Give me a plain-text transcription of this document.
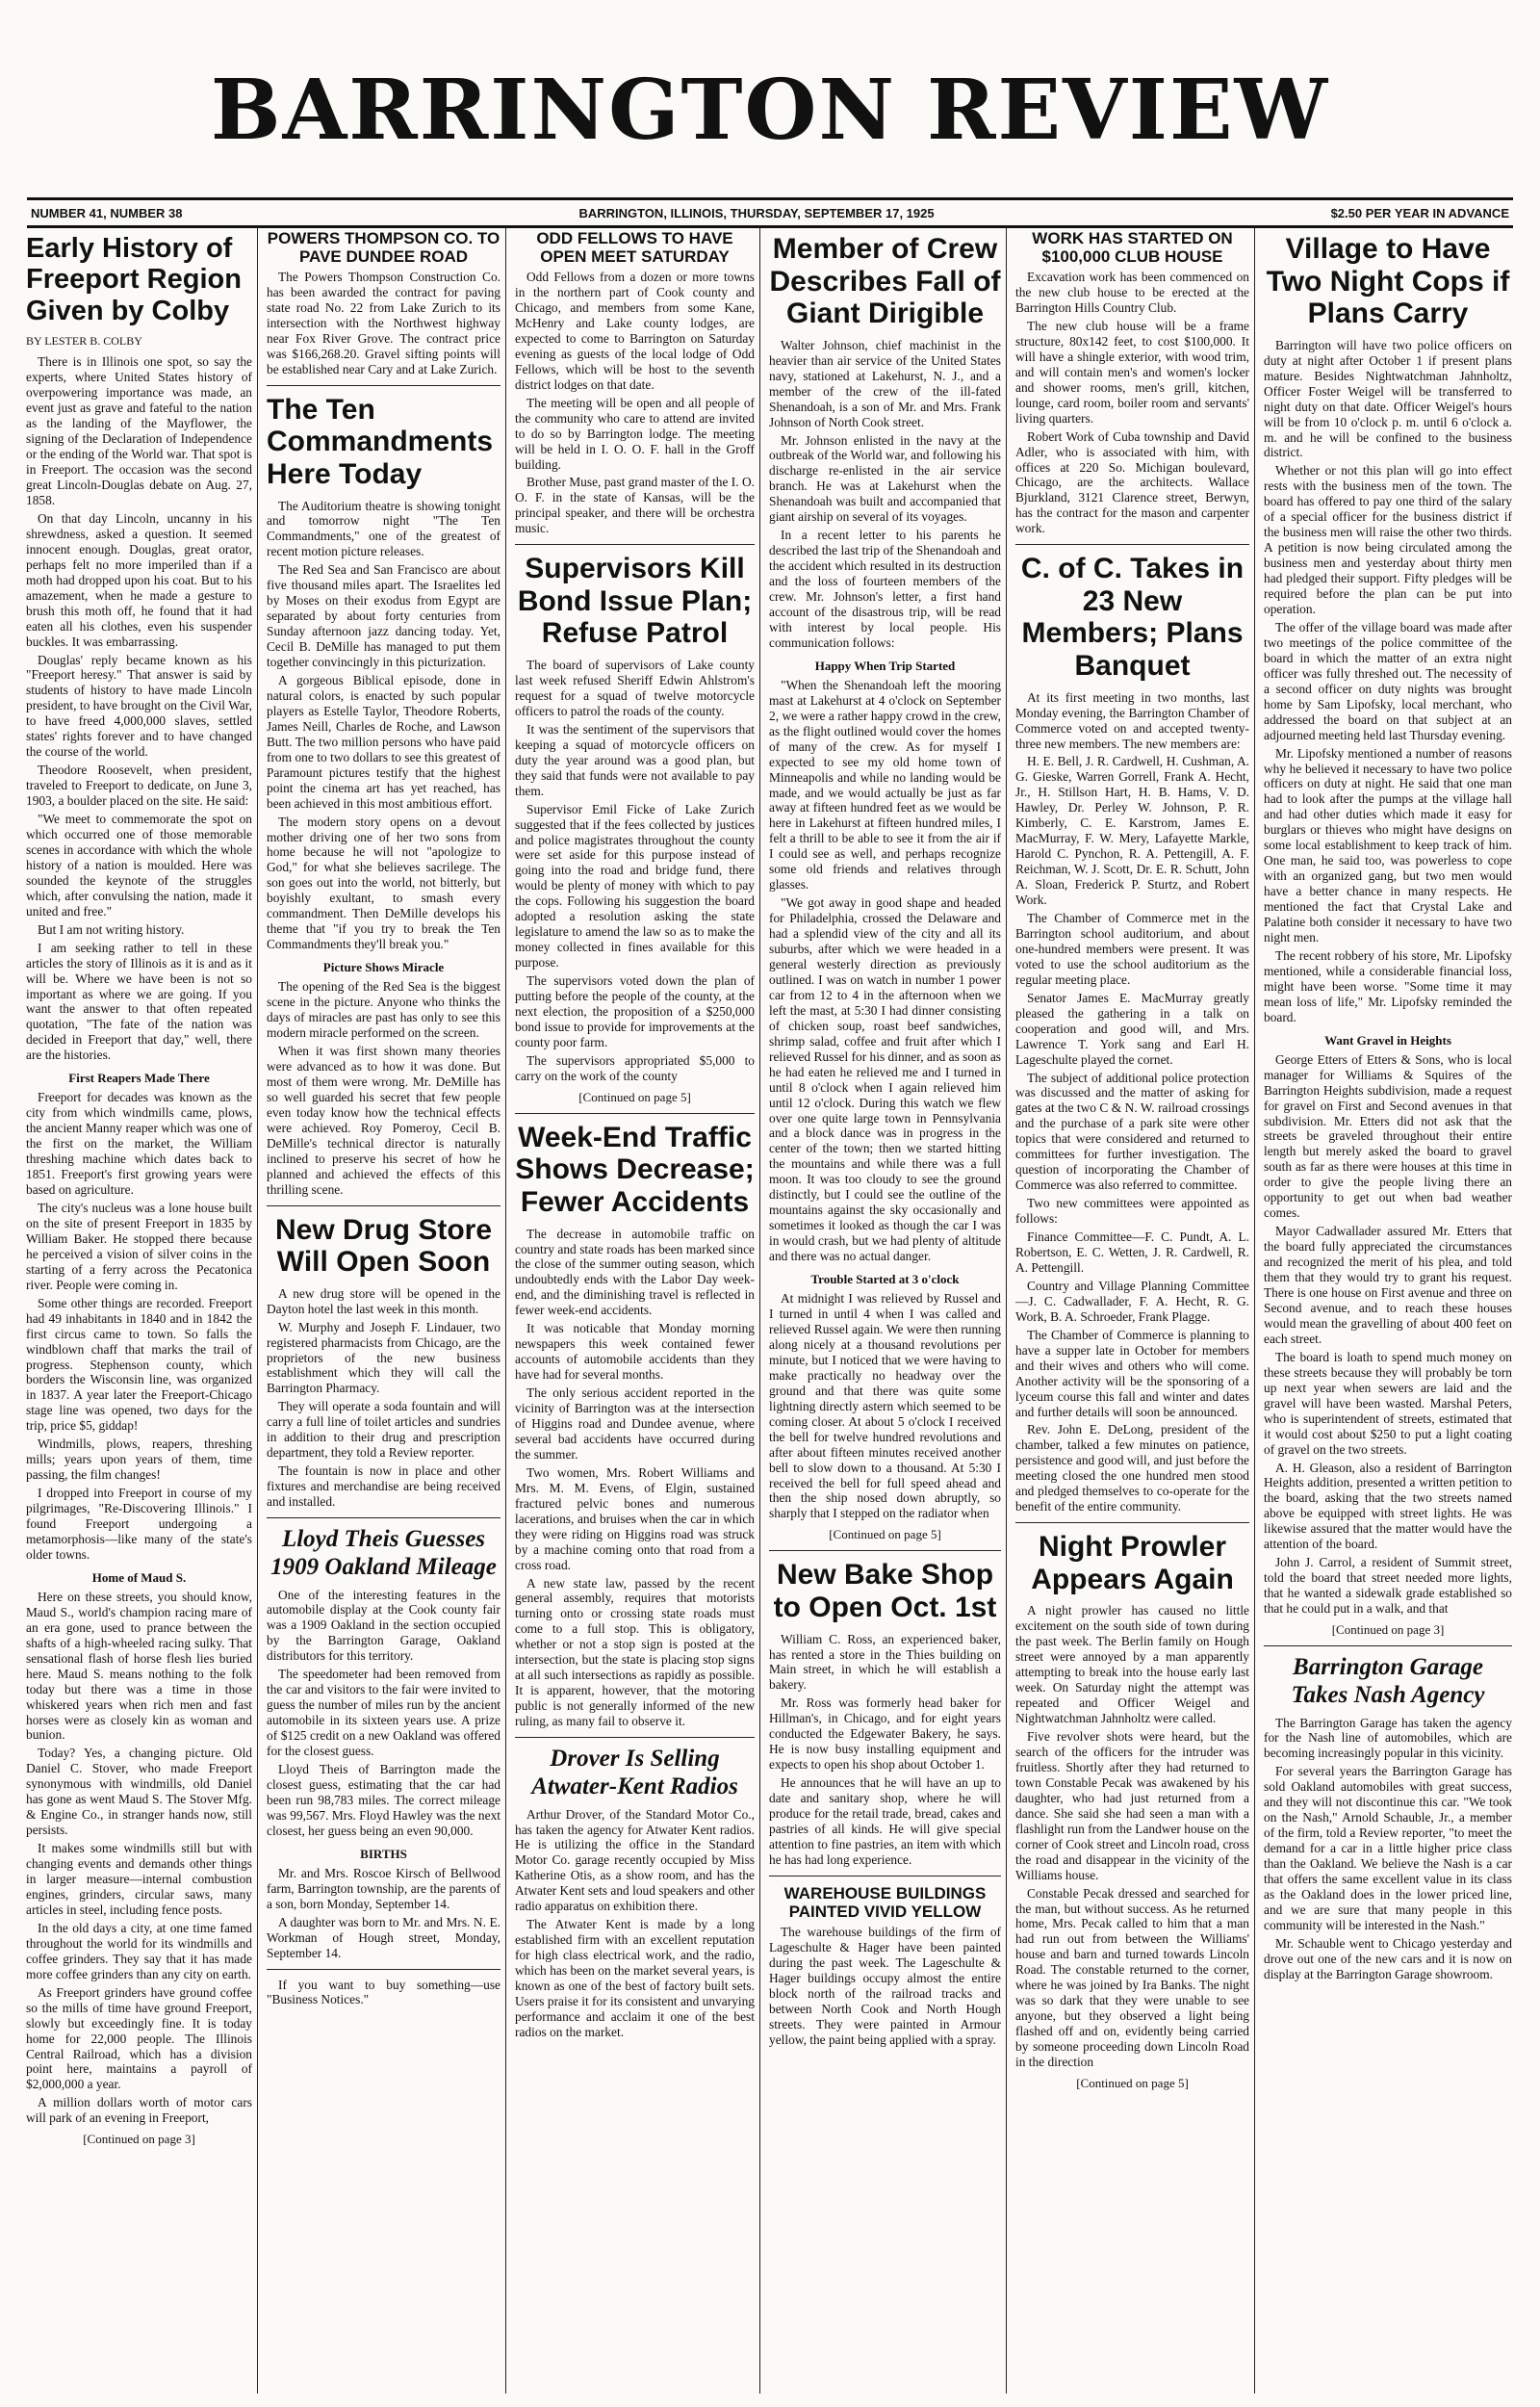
BARRINGTON REVIEW
NUMBER 41, NUMBER 38	BARRINGTON, ILLINOIS, THURSDAY, SEPTEMBER 17, 1925	$2.50 PER YEAR IN ADVANCE
Early History of Freeport Region Given by Colby
BY LESTER B. COLBY

There is in Illinois one spot, so say the experts, where United States history of overpowering importance was made, an event just as grave and fateful to the nation as the landing of the Mayflower, the signing of the Declaration of Independence or the ending of the World war. That spot is in Freeport. The occasion was the second great Lincoln-Douglas debate on Aug. 27, 1858.

On that day Lincoln, uncanny in his shrewdness, asked a question. It seemed innocent enough. Douglas, great orator, perhaps felt no more imperiled than if a moth had dropped upon his coat. But to his amazement, when he made a gesture to brush this moth off, he found that it had eaten all his clothes, even his suspender buckles. It was embarrassing.

Douglas' reply became known as his "Freeport heresy." That answer is said by students of history to have made Lincoln president, to have brought on the Civil War, to have freed 4,000,000 slaves, settled states' rights forever and to have changed the course of the world.

Theodore Roosevelt, when president, traveled to Freeport to dedicate, on June 3, 1903, a boulder placed on the site. He said:

"We meet to commemorate the spot on which occurred one of those memorable scenes in accordance with which the whole history of a nation is moulded. Here was sounded the keynote of the struggles which, after convulsing the nation, made it united and free."

But I am not writing history.

I am seeking rather to tell in these articles the story of Illinois as it is and as it will be. Where we have been is not so important as where we are going. If you want the answer to that often repeated quotation, "The fate of the nation was decided in Freeport that day," well, there are the histories.

First Reapers Made There

Freeport for decades was known as the city from which windmills came, plows, the ancient Manny reaper which was one of the first on the market, the William threshing machine which dates back to 1851. Freeport's first growing years were based on agriculture.

The city's nucleus was a lone house built on the site of present Freeport in 1835 by William Baker. He stopped there because he perceived a vision of silver coins in the starting of a ferry across the Pecatonica river. People were coming in.

Some other things are recorded. Freeport had 49 inhabitants in 1840 and in 1842 the first circus came to town. So falls the windblown chaff that marks the trail of progress. Stephenson county, which borders the Wisconsin line, was organized in 1837. A year later the Freeport-Chicago stage line was opened, two days for the trip, price $5, giddap!

Windmills, plows, reapers, threshing mills; years upon years of them, time passing, the film changes!

I dropped into Freeport in course of my pilgrimages, "Re-Discovering Illinois." I found Freeport undergoing a metamorphosis—like many of the state's older towns.

Home of Maud S.

Here on these streets, you should know, Maud S., world's champion racing mare of an era gone, used to prance between the shafts of a high-wheeled racing sulky. That sensational flash of horse flesh lies buried here. Maud S. means nothing to the folk today but there was a time in those whiskered years when rich men and fast horses were as closely kin as woman and bunion.

Today? Yes, a changing picture. Old Daniel C. Stover, who made Freeport synonymous with windmills, old Daniel has gone as went Maud S. The Stover Mfg. & Engine Co., in stranger hands now, still persists.

It makes some windmills still but with changing events and demands other things in larger measure—internal combustion engines, grinders, circular saws, many articles in steel, including fence posts.

In the old days a city, at one time famed throughout the world for its windmills and coffee grinders. They say that it has made more coffee grinders than any city on earth.

As Freeport grinders have ground coffee so the mills of time have ground Freeport, slowly but exceedingly fine. It is today home for 22,000 people. The Illinois Central Railroad, which has a division point here, maintains a payroll of $2,000,000 a year.

A million dollars worth of motor cars will park of an evening in Freeport,

[Continued on page 3]
POWERS THOMPSON CO. TO PAVE DUNDEE ROAD

The Powers Thompson Construction Co. has been awarded the contract for paving state road No. 22 from Lake Zurich to its intersection with the Northwest highway near Fox River Grove. The contract price was $166,268.20. Gravel sifting points will be established near Cary and at Lake Zurich.

The Ten Commandments Here Today

The Auditorium theatre is showing tonight and tomorrow night "The Ten Commandments," one of the greatest of recent motion picture releases.

The Red Sea and San Francisco are about five thousand miles apart. The Israelites led by Moses on their exodus from Egypt are separated by about forty centuries from Sunday afternoon jazz dancing today. Yet, Cecil B. DeMille has managed to put them together convincingly in this picturization.

A gorgeous Biblical episode, done in natural colors, is enacted by such popular players as Estelle Taylor, Theodore Roberts, James Neill, Charles de Roche, and Lawson Butt. The two million persons who have paid from one to two dollars to see this greatest of Paramount pictures testify that the highest point the cinema art has yet reached, has been achieved in this most ambitious effort.

The modern story opens on a devout mother driving one of her two sons from home because he will not "apologize to God," for what she believes sacrilege. The son goes out into the world, not bitterly, but boyishly exultant, to smash every commandment. Then DeMille develops his theme that "if you try to break the Ten Commandments they'll break you."

Picture Shows Miracle

The opening of the Red Sea is the biggest scene in the picture. Anyone who thinks the days of miracles are past has only to see this modern miracle performed on the screen.

When it was first shown many theories were advanced as to how it was done. But most of them were wrong. Mr. DeMille has so well guarded his secret that few people even today know how the technical effects were achieved. Roy Pomeroy, Cecil B. DeMille's technical director is naturally inclined to preserve his secret of how he planned and achieved the effects of this thrilling scene.

New Drug Store Will Open Soon

A new drug store will be opened in the Dayton hotel the last week in this month.

W. Murphy and Joseph F. Lindauer, two registered pharmacists from Chicago, are the proprietors of the new business establishment which they will call the Barrington Pharmacy.

They will operate a soda fountain and will carry a full line of toilet articles and sundries in addition to their drug and prescription department, they told a Review reporter.

The fountain is now in place and other fixtures and merchandise are being received and installed.

Lloyd Theis Guesses 1909 Oakland Mileage

One of the interesting features in the automobile display at the Cook county fair was a 1909 Oakland in the section occupied by the Barrington Garage, Oakland distributors for this territory.

The speedometer had been removed from the car and visitors to the fair were invited to guess the number of miles run by the ancient automobile in its sixteen years use. A prize of $125 credit on a new Oakland was offered for the closest guess.

Lloyd Theis of Barrington made the closest guess, estimating that the car had been run 98,783 miles. The correct mileage was 99,567. Mrs. Floyd Hawley was the next closest, her guess being an even 90,000.

BIRTHS

Mr. and Mrs. Roscoe Kirsch of Bellwood farm, Barrington township, are the parents of a son, born Monday, September 14.

A daughter was born to Mr. and Mrs. N. E. Workman of Hough street, Monday, September 14.

If you want to buy something—use "Business Notices."

ODD FELLOWS TO HAVE OPEN MEET SATURDAY

Odd Fellows from a dozen or more towns in the northern part of Cook county and Chicago, and members from some Kane, McHenry and Lake county lodges, are expected to come to Barrington on Saturday evening as guests of the local lodge of Odd Fellows, which will be host to the seventh district lodges on that date.

The meeting will be open and all people of the community who care to attend are invited to do so by Barrington lodge. The meeting will be held in I. O. O. F. hall in the Groff building.

Brother Muse, past grand master of the I. O. O. F. in the state of Kansas, will be the principal speaker, and there will be orchestra music.

Supervisors Kill Bond Issue Plan; Refuse Patrol

The board of supervisors of Lake county last week refused Sheriff Edwin Ahlstrom's request for a squad of twelve motorcycle officers to patrol the roads of the county.

It was the sentiment of the supervisors that keeping a squad of motorcycle officers on duty the year around was a good plan, but they said that funds were not available to pay them.

Supervisor Emil Ficke of Lake Zurich suggested that if the fees collected by justices and police magistrates throughout the county were set aside for this purpose instead of going into the road and bridge fund, there would be plenty of money with which to pay the cops. Following his suggestion the board adopted a resolution asking the state legislature to amend the law so as to make the money collected in fines available for this purpose.

The supervisors voted down the plan of putting before the people of the county, at the next election, the proposition of a $250,000 bond issue to provide for improvements at the county poor farm.

The supervisors appropriated $5,000 to carry on the work of the county

[Continued on page 5]
Week-End Traffic Shows Decrease; Fewer Accidents

The decrease in automobile traffic on country and state roads has been marked since the close of the summer outing season, which undoubtedly ends with the Labor Day week-end, and the diminishing travel is reflected in fewer week-end accidents.

It was noticable that Monday morning newspapers this week contained fewer accounts of automobile accidents than they have had for several months.

The only serious accident reported in the vicinity of Barrington was at the intersection of Higgins road and Dundee avenue, where several bad accidents have occurred during the summer.

Two women, Mrs. Robert Williams and Mrs. M. M. Evens, of Elgin, sustained fractured pelvic bones and numerous lacerations, and bruises when the car in which they were riding on Higgins road was struck by a machine coming onto that road from a cross road.

A new state law, passed by the recent general assembly, requires that motorists turning onto or crossing state roads must come to a full stop. This is obligatory, whether or not a stop sign is posted at the intersection, but the state is placing stop signs at all such intersections as rapidly as possible. It is apparent, however, that the motoring public is not generally informed of the new ruling, as many fail to observe it.

Drover Is Selling Atwater-Kent Radios

Arthur Drover, of the Standard Motor Co., has taken the agency for Atwater Kent radios. He is utilizing the office in the Standard Motor Co. garage recently occupied by Miss Katherine Otis, as a show room, and has the Atwater Kent sets and loud speakers and other radio apparatus on exhibition there.

The Atwater Kent is made by a long established firm with an excellent reputation for high class electrical work, and the radio, which has been on the market several years, is known as one of the best of factory built sets. Users praise it for its consistent and unvarying performance and acclaim it one of the best radios on the market.

Member of Crew Describes Fall of Giant Dirigible

Walter Johnson, chief machinist in the heavier than air service of the United States navy, stationed at Lakehurst, N. J., and a member of the crew of the ill-fated Shenandoah, is a son of Mr. and Mrs. Frank Johnson of North Cook street.

Mr. Johnson enlisted in the navy at the outbreak of the World war, and following his discharge re-enlisted in the air service branch. He was at Lakehurst when the Shenandoah was built and accompanied that giant airship on several of its voyages.

In a recent letter to his parents he described the last trip of the Shenandoah and the accident which resulted in its destruction and the loss of fourteen members of the crew. Mr. Johnson's letter, a first hand account of the disastrous trip, will be read with interest by local people. His communication follows:

Happy When Trip Started

"When the Shenandoah left the mooring mast at Lakehurst at 4 o'clock on September 2, we were a rather happy crowd in the crew, as the flight outlined would cover the homes of many of the crew. As for myself I expected to see my old home town of Minneapolis and while no landing would be made, and we would actually be just as far away at fifteen hundred feet as we would be here in Lakehurst at fifteen hundred miles, I felt a thrill to be able to see it from the air if I could see as well, and perhaps recognize some old friends and relatives through glasses.

"We got away in good shape and headed for Philadelphia, crossed the Delaware and had a splendid view of the city and all its suburbs, after which we were headed in a general westerly direction as previously outlined. I was on watch in number 1 power car from 12 to 4 in the afternoon when we left the mast, at 5:30 I had dinner consisting of chicken soup, roast beef sandwiches, shrimp salad, coffee and fruit after which I relieved Russel for his dinner, and as soon as he had eaten he relieved me and I turned in until 8 o'clock when I again relieved him until 12 o'clock. During this watch we flew over one quite large town in Pennsylvania and a block dance was in progress in the center of the town; then we started hitting the mountains and while there was a full moon. It was too cloudy to see the ground distinctly, but I could see the outline of the mountains against the sky occasionally and sometimes it looked as though the car I was in would crash, but we had plenty of altitude and there was no actual danger.

Trouble Started at 3 o'clock

At midnight I was relieved by Russel and I turned in until 4 when I was called and relieved Russel again. We were then running along nicely at a thousand revolutions per minute, but I noticed that we were having to make practically no headway over the ground and that there was quite some lightning directly astern which seemed to be coming closer. At about 5 o'clock I received the bell for twelve hundred revolutions and after about fifteen minutes received another bell to slow down to a thousand. At 5:30 I received the bell for full speed ahead and then the ship nosed down abruptly, so sharply that I stepped on the radiator when

[Continued on page 5]
New Bake Shop to Open Oct. 1st

William C. Ross, an experienced baker, has rented a store in the Thies building on Main street, in which he will establish a bakery.

Mr. Ross was formerly head baker for Hillman's, in Chicago, and for eight years conducted the Edgewater Bakery, he says. He is now busy installing equipment and expects to open his shop about October 1.

He announces that he will have an up to date and sanitary shop, where he will produce for the retail trade, bread, cakes and pastries of all kinds. He will give special attention to fine pastries, an item with which he has had long experience.

WAREHOUSE BUILDINGS PAINTED VIVID YELLOW

The warehouse buildings of the firm of Lageschulte & Hager have been painted during the past week. The Lageschulte & Hager buildings occupy almost the entire block north of the railroad tracks and between North Cook and North Hough streets. They were painted in Armour yellow, the paint being applied with a spray.

WORK HAS STARTED ON $100,000 CLUB HOUSE

Excavation work has been commenced on the new club house to be erected at the Barrington Hills Country Club.

The new club house will be a frame structure, 80x142 feet, to cost $100,000. It will have a shingle exterior, with wood trim, and will contain men's and women's locker and shower rooms, men's grill, kitchen, lounge, card room, boiler room and servants' living quarters.

Robert Work of Cuba township and David Adler, who is associated with him, with offices at 220 So. Michigan boulevard, Chicago, are the architects. Wallace Bjurkland, 3121 Clarence street, Berwyn, has the contract for the mason and carpenter work.

C. of C. Takes in 23 New Members; Plans Banquet

At its first meeting in two months, last Monday evening, the Barrington Chamber of Commerce voted on and accepted twenty-three new members. The new members are:

H. E. Bell, J. R. Cardwell, H. Cushman, A. G. Gieske, Warren Gorrell, Frank A. Hecht, Jr., H. Stillson Hart, H. B. Hams, V. D. Hawley, Dr. Perley W. Johnson, P. R. Kimberly, C. E. Karstrom, James E. MacMurray, F. W. Mery, Lafayette Markle, Harold C. Pynchon, R. A. Pettengill, A. F. Reichman, W. J. Scott, Dr. E. R. Schutt, John A. Sloan, Frederick P. Sturtz, and Robert Work.

The Chamber of Commerce met in the Barrington school auditorium, and about one-hundred members were present. It was voted to use the school auditorium as the regular meeting place.

Senator James E. MacMurray greatly pleased the gathering in a talk on cooperation and good will, and Mrs. Lawrence T. York sang and Earl H. Lageschulte played the cornet.

The subject of additional police protection was discussed and the matter of asking for gates at the two C & N. W. railroad crossings and the purchase of a park site were other topics that were considered and returned to committees for further investigation. The question of incorporating the Chamber of Commerce was also referred to committee.

Two new committees were appointed as follows:

Finance Committee—F. C. Pundt, A. L. Robertson, E. C. Wetten, J. R. Cardwell, R. A. Pettengill.

Country and Village Planning Committee—J. C. Cadwallader, F. A. Hecht, R. G. Work, B. A. Schroeder, Frank Plagge.

The Chamber of Commerce is planning to have a supper late in October for members and their wives and others who will come. Another activity will be the sponsoring of a lyceum course this fall and winter and dates and further details will soon be announced.

Rev. John E. DeLong, president of the chamber, talked a few minutes on patience, persistence and good will, and just before the meeting closed the one hundred men stood and pledged themselves to co-operate for the benefit of the entire community.

Night Prowler Appears Again

A night prowler has caused no little excitement on the south side of town during the past week. The Berlin family on Hough street were annoyed by a man apparently attempting to break into the house early last week. On Saturday night the attempt was repeated and Officer Weigel and Nightwatchman Jahnholtz were called.

Five revolver shots were heard, but the search of the officers for the intruder was fruitless. Shortly after they had returned to town Constable Pecak was awakened by his daughter, who had just returned from a dance. She said she had seen a man with a flashlight run from the Landwer house on the corner of Cook street and Lincoln road, cross the road and disappear in the vicinity of the Williams house.

Constable Pecak dressed and searched for the man, but without success. As he returned home, Mrs. Pecak called to him that a man had run out from between the Williams' house and barn and turned towards Lincoln Road. The constable returned to the corner, where he was joined by Ira Banks. The night was so dark that they were unable to see anyone, but they observed a light being flashed off and on, evidently being carried by someone proceeding down Lincoln Road in the direction

[Continued on page 5]
Village to Have Two Night Cops if Plans Carry

Barrington will have two police officers on duty at night after October 1 if present plans mature. Besides Nightwatchman Jahnholtz, Officer Foster Weigel will be transferred to night duty on that date. Officer Weigel's hours will be from 10 o'clock p. m. until 6 o'clock a. m. and he will be confined to the business district.

Whether or not this plan will go into effect rests with the business men of the town. The board has offered to pay one third of the salary of a special officer for the business district if the business men will raise the other two thirds. A petition is now being circulated among the business men and yesterday about thirty men had pledged their support. Fifty pledges will be required before the plan can be put into operation.

The offer of the village board was made after two meetings of the police committee of the board in which the matter of an extra night officer was fully threshed out. The necessity of a second officer on duty nights was brought home by Sam Lipofsky, local merchant, who addressed the board on that subject at an adjourned meeting held last Thursday evening.

Mr. Lipofsky mentioned a number of reasons why he believed it necessary to have two police officers on duty at night. He said that one man had to look after the pumps at the village hall and had other duties which made it easy for burglars or thieves who might have designs on some local establishment to keep track of him. One man, he said too, was powerless to cope with an organized gang, but two men would have a better chance in many respects. He mentioned the fact that Crystal Lake and Palatine both consider it necessary to have two night men.

The recent robbery of his store, Mr. Lipofsky mentioned, while a considerable financial loss, might have been worse. "Some time it may mean loss of life," Mr. Lipofsky reminded the board.

Want Gravel in Heights

George Etters of Etters & Sons, who is local manager for Williams & Squires of the Barrington Heights subdivision, made a request for gravel on First and Second avenues in that subdivision. Mr. Etters did not ask that the streets be graveled throughout their entire length but merely asked the board to gravel south as far as there were houses at this time in order to give the people living there an opportunity to get out when bad weather comes.

Mayor Cadwallader assured Mr. Etters that the board fully appreciated the circumstances and recognized the merit of his plea, and told them that they would try to grant his request. There is one house on First avenue and three on Second avenue, and to reach these houses would mean the gravelling of about 400 feet on each street.

The board is loath to spend much money on these streets because they will probably be torn up next year when sewers are laid and the gravel will have been wasted. Marshal Peters, who is superintendent of streets, estimated that it would cost about $250 to put a light coating of gravel on the two streets.

A. H. Gleason, also a resident of Barrington Heights addition, presented a written petition to the board, asking that the two streets named above be equipped with street lights. He was likewise assured that the matter would have the attention of the board.

John J. Carrol, a resident of Summit street, told the board that street needed more lights, that he wanted a sidewalk grade established so that he could put in a walk, and that

[Continued on page 3]
Barrington Garage Takes Nash Agency

The Barrington Garage has taken the agency for the Nash line of automobiles, which are becoming increasingly popular in this vicinity.

For several years the Barrington Garage has sold Oakland automobiles with great success, and they will not discontinue this car. "We took on the Nash," Arnold Schauble, Jr., a member of the firm, told a Review reporter, "to meet the demand for a car in a little higher price class than the Oakland. We believe the Nash is a car that offers the same excellent value in its class as the Oakland does in the lower priced line, and we are sure that many people in this community will be interested in the Nash."

Mr. Schauble went to Chicago yesterday and drove out one of the new cars and it is now on display at the Barrington Garage showroom.
